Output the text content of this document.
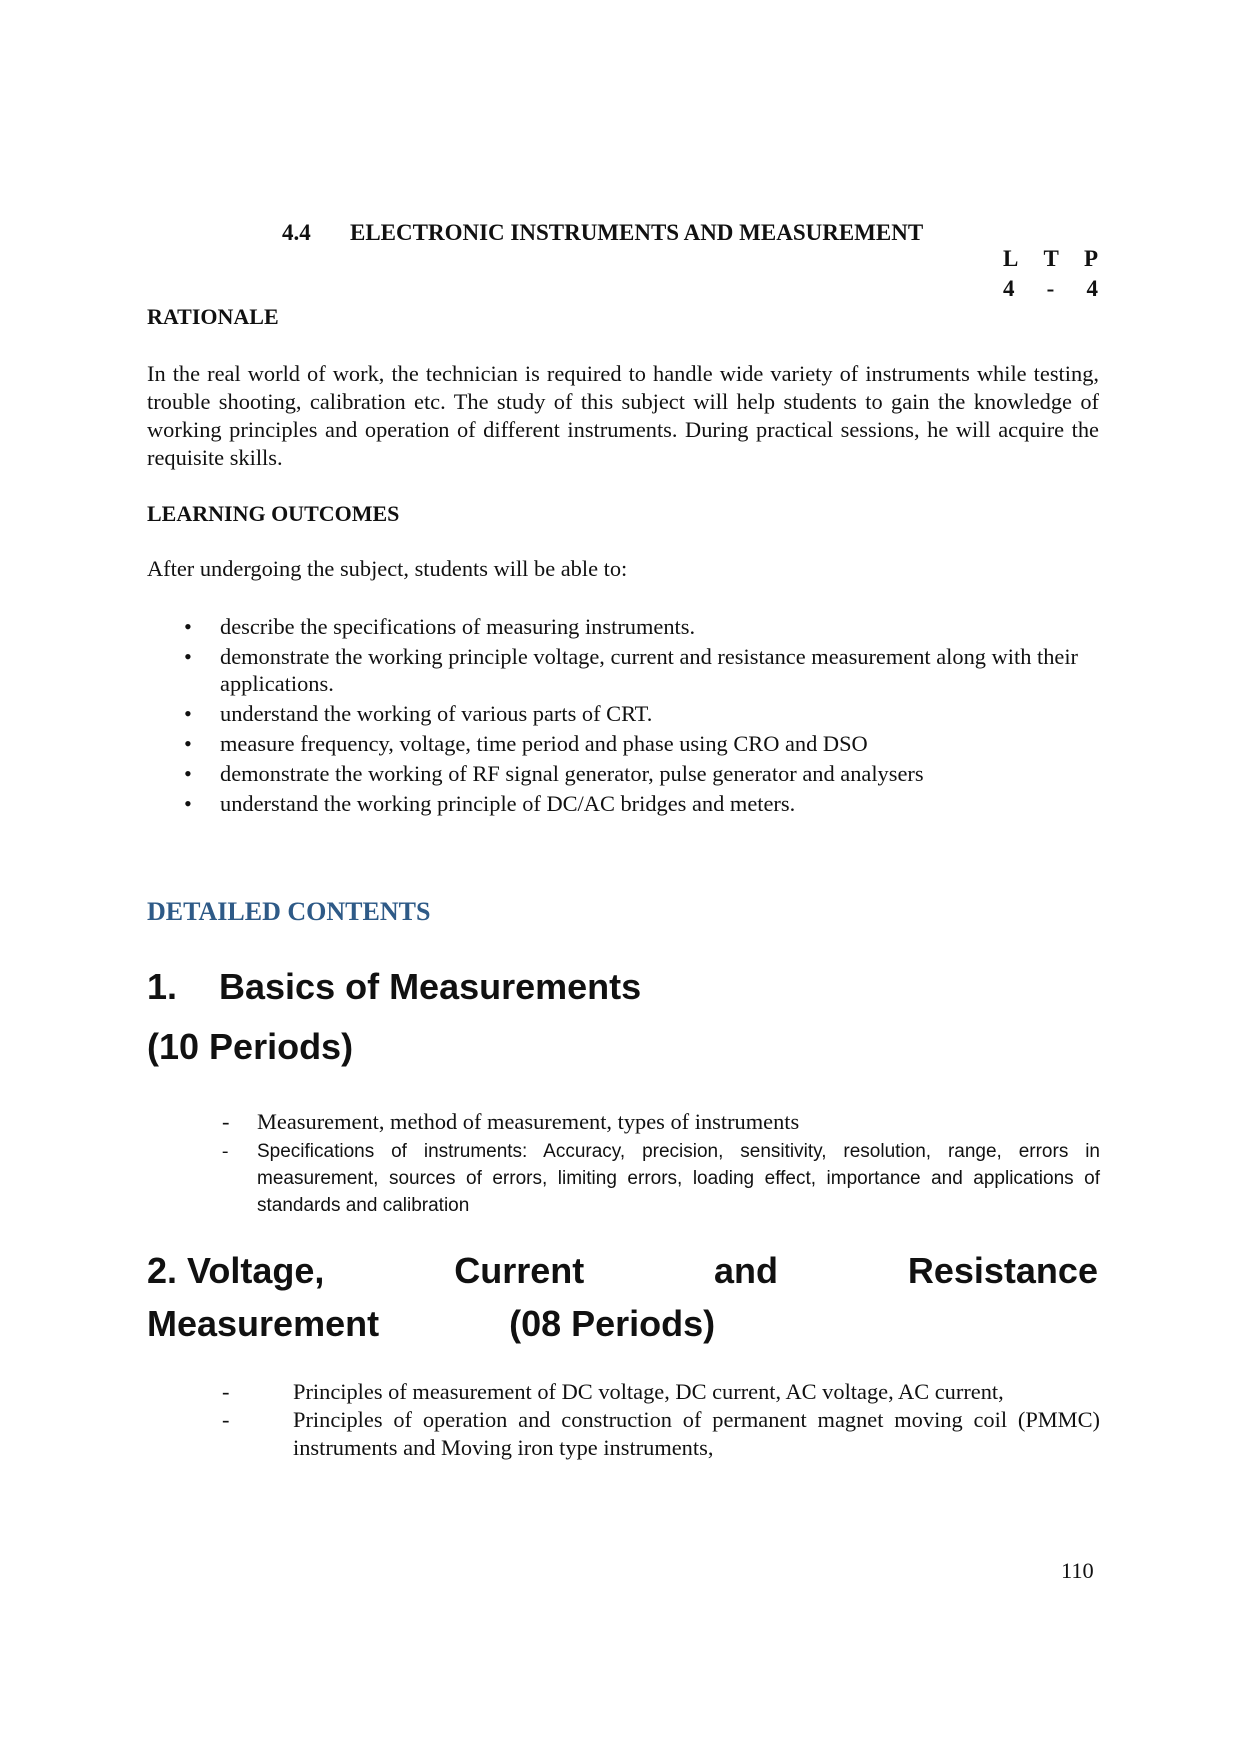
4.4 ELECTRONIC INSTRUMENTS AND MEASUREMENT
L T P
4 - 4
RATIONALE
In the real world of work, the technician is required to handle wide variety of instruments while testing, trouble shooting, calibration etc. The study of this subject will help students to gain the knowledge of working principles and operation of different instruments. During practical sessions, he will acquire the requisite skills.
LEARNING OUTCOMES
After undergoing the subject, students will be able to:
• describe the specifications of measuring instruments.
• demonstrate the working principle voltage, current and resistance measurement along with their applications.
• understand the working of various parts of CRT.
• measure frequency, voltage, time period and phase using CRO and DSO
• demonstrate the working of RF signal generator, pulse generator and analysers
• understand the working principle of DC/AC bridges and meters.
DETAILED CONTENTS
1. Basics of Measurements
(10 Periods)
- Measurement, method of measurement, types of instruments
- Specifications of instruments: Accuracy, precision, sensitivity, resolution, range, errors in measurement, sources of errors, limiting errors, loading effect, importance and applications of standards and calibration
2. Voltage,	Current	and	Resistance
Measurement	(08 Periods)
-	Principles of measurement of DC voltage, DC current, AC voltage, AC current,
-	Principles of operation and construction of permanent magnet moving coil (PMMC) instruments and Moving iron type instruments,
110
